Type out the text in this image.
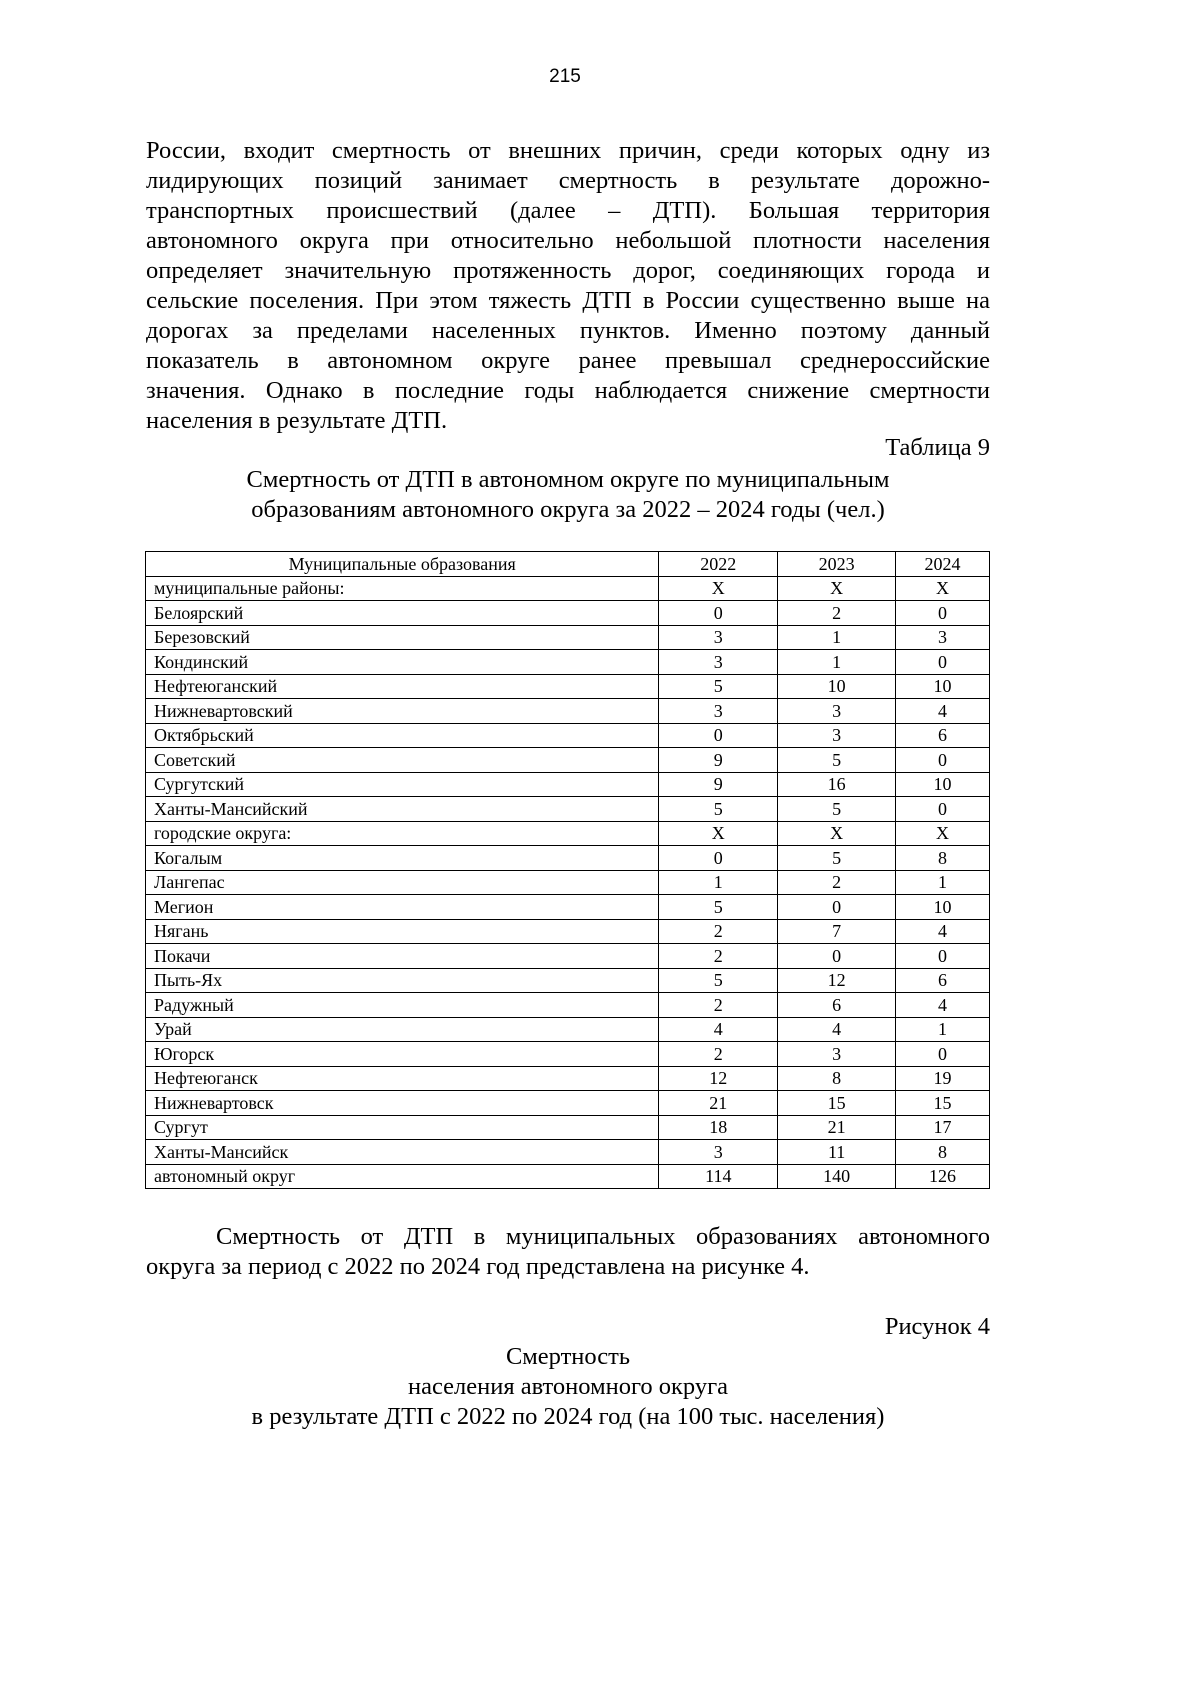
215
России, входит смертность от внешних причин, среди которых одну из
лидирующих позиций занимает смертность в результате дорожно-
транспортных происшествий (далее – ДТП). Большая территория
автономного округа при относительно небольшой плотности населения
определяет значительную протяженность дорог, соединяющих города и
сельские поселения. При этом тяжесть ДТП в России существенно выше на
дорогах за пределами населенных пунктов. Именно поэтому данный
показатель в автономном округе ранее превышал среднероссийские
значения. Однако в последние годы наблюдается снижение смертности
населения в результате ДТП.
Таблица 9
Смертность от ДТП в автономном округе по муниципальным
образованиям автономного округа за 2022 – 2024 годы (чел.)
Муниципальные образования	2022	2023	2024
муниципальные районы:	Х	Х	Х
Белоярский	0	2	0
Березовский	3	1	3
Кондинский	3	1	0
Нефтеюганский	5	10	10
Нижневартовский	3	3	4
Октябрьский	0	3	6
Советский	9	5	0
Сургутский	9	16	10
Ханты-Мансийский	5	5	0
городские округа:	Х	Х	Х
Когалым	0	5	8
Лангепас	1	2	1
Мегион	5	0	10
Нягань	2	7	4
Покачи	2	0	0
Пыть-Ях	5	12	6
Радужный	2	6	4
Урай	4	4	1
Югорск	2	3	0
Нефтеюганск	12	8	19
Нижневартовск	21	15	15
Сургут	18	21	17
Ханты-Мансийск	3	11	8
автономный округ	114	140	126
Смертность от ДТП в муниципальных образованиях автономного
округа за период с 2022 по 2024 год представлена на рисунке 4.
Рисунок 4
Смертность
населения автономного округа
в результате ДТП с 2022 по 2024 год (на 100 тыс. населения)
